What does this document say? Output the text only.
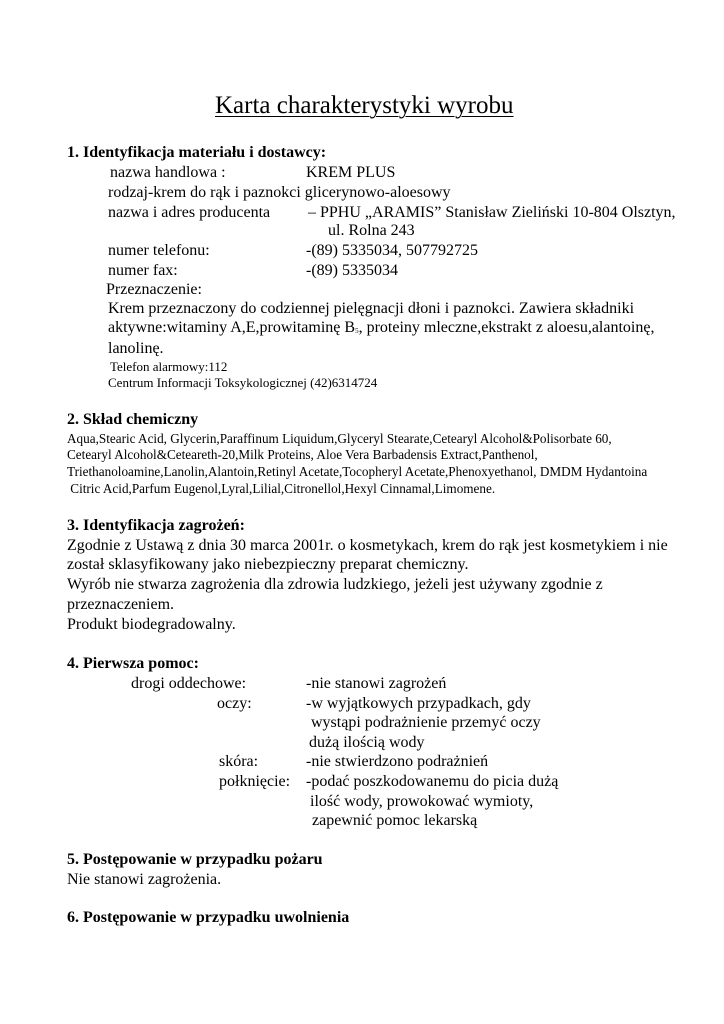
Karta charakterystyki wyrobu
1. Identyfikacja materiału i dostawcy:
nazwa handlowa :	KREM PLUS
rodzaj-krem do rąk i paznokci glicerynowo-aloesowy
nazwa i adres producenta – PPHU „ARAMIS” Stanisław Zieliński 10-804 Olsztyn,
ul. Rolna 243
numer telefonu:	-(89) 5335034, 507792725
numer fax:	-(89) 5335034
Przeznaczenie:
Krem przeznaczony do codziennej pielęgnacji dłoni i paznokci. Zawiera składniki
aktywne:witaminy A,E,prowitaminę $B_5$, proteiny mleczne,ekstrakt z aloesu,alantoinę,
lanolinę.
Telefon alarmowy:112
Centrum Informacji Toksykologicznej (42)6314724
2. Skład chemiczny
Aqua,Stearic Acid, Glycerin,Paraffinum Liquidum,Glyceryl Stearate,Cetearyl Alcohol&Polisorbate 60,
Cetearyl Alcohol&Ceteareth-20,Milk Proteins, Aloe Vera Barbadensis Extract,Panthenol,
Triethanoloamine,Lanolin,Alantoin,Retinyl Acetate,Tocopheryl Acetate,Phenoxyethanol, DMDM Hydantoina
Citric Acid,Parfum Eugenol,Lyral,Lilial,Citronellol,Hexyl Cinnamal,Limomene.
3. Identyfikacja zagrożeń:
Zgodnie z Ustawą z dnia 30 marca 2001r. o kosmetykach, krem do rąk jest kosmetykiem i nie
został sklasyfikowany jako niebezpieczny preparat chemiczny.
Wyrób nie stwarza zagrożenia dla zdrowia ludzkiego, jeżeli jest używany zgodnie z
przeznaczeniem.
Produkt biodegradowalny.
4. Pierwsza pomoc:
drogi oddechowe:	-nie stanowi zagrożeń
oczy:	-w wyjątkowych przypadkach, gdy
wystąpi podrażnienie przemyć oczy
dużą ilością wody
skóra:	-nie stwierdzono podrażnień
połknięcie: -podać poszkodowanemu do picia dużą
ilość wody, prowokować wymioty,
zapewnić pomoc lekarską
5. Postępowanie w przypadku pożaru
Nie stanowi zagrożenia.
6. Postępowanie w przypadku uwolnienia
